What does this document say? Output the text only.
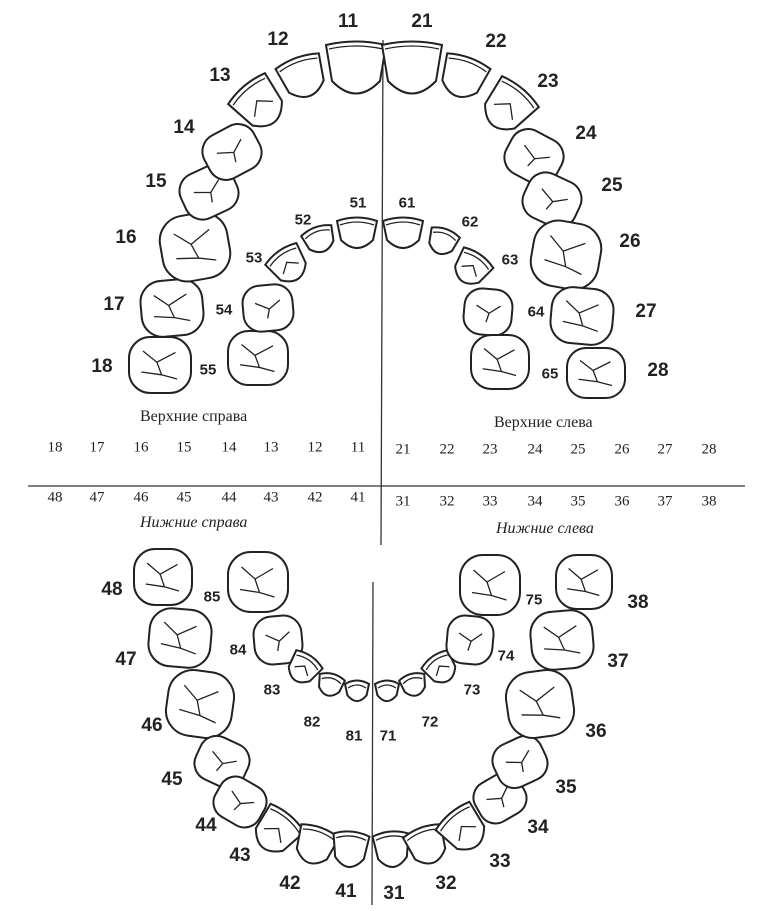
Верхние справа	Верхние слева
Нижние справа	Нижние слева
18
17
16
15
14
13
12
11	21
22
23
24
25
26
27
28
55
54
53
52
51 61
62
63
64
65
48
47
46
45
44
43
42 41 31 32
33
34
35
36
37
38
85
84
83
82
81 71
72
73
74
75
18 17 16 15 14 13 12 11 21 22 23 24 25 26 27 28
48 47 46 45 44 43 42 41 31 32 33 34 35 36 37 38
